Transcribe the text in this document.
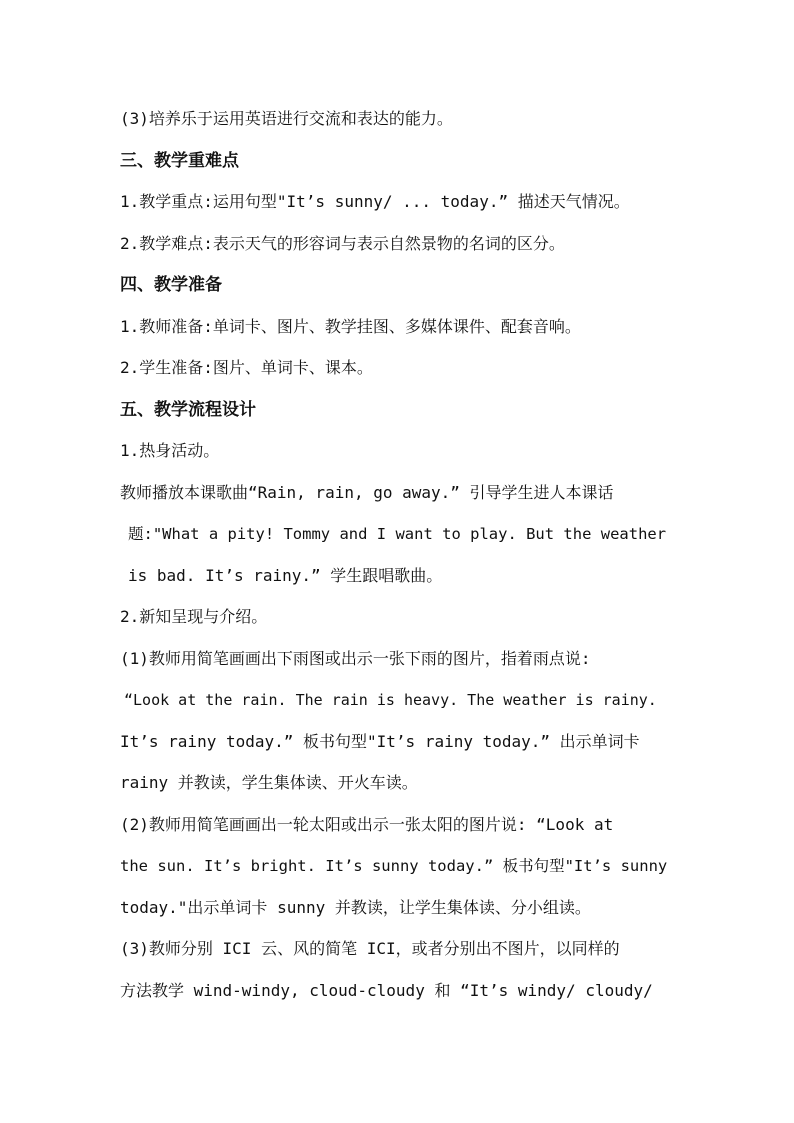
(3)培养乐于运用英语进行交流和表达的能力。
三、教学重难点
1.教学重点:运用句型"It’s sunny/ ... today.” 描述天气情况。
2.教学难点:表示天气的形容词与表示自然景物的名词的区分。
四、教学准备
1.教师准备:单词卡、图片、教学挂图、多媒体课件、配套音响。
2.学生准备:图片、单词卡、课本。
五、教学流程设计
1.热身活动。
教师播放本课歌曲“Rain, rain, go away.” 引导学生进人本课话
题:"What a pity! Tommy and I want to play. But the weather
is bad. It’s rainy.” 学生跟唱歌曲。
2.新知呈现与介绍。
(1)教师用简笔画画出下雨图或出示一张下雨的图片，指着雨点说:
“Look at the rain. The rain is heavy. The weather is rainy.
It’s rainy today.” 板书句型"It’s rainy today.” 出示单词卡
rainy 并教读，学生集体读、开火车读。
(2)教师用简笔画画出一轮太阳或出示一张太阳的图片说: “Look at
the sun. It’s bright. It’s sunny today.” 板书句型"It’s sunny
today."出示单词卡 sunny 并教读，让学生集体读、分小组读。
(3)教师分别 ICI 云、风的简笔 ICI，或者分别出不图片，以同样的
方法教学 wind-windy, cloud-cloudy 和 “It’s windy/ cloudy/
